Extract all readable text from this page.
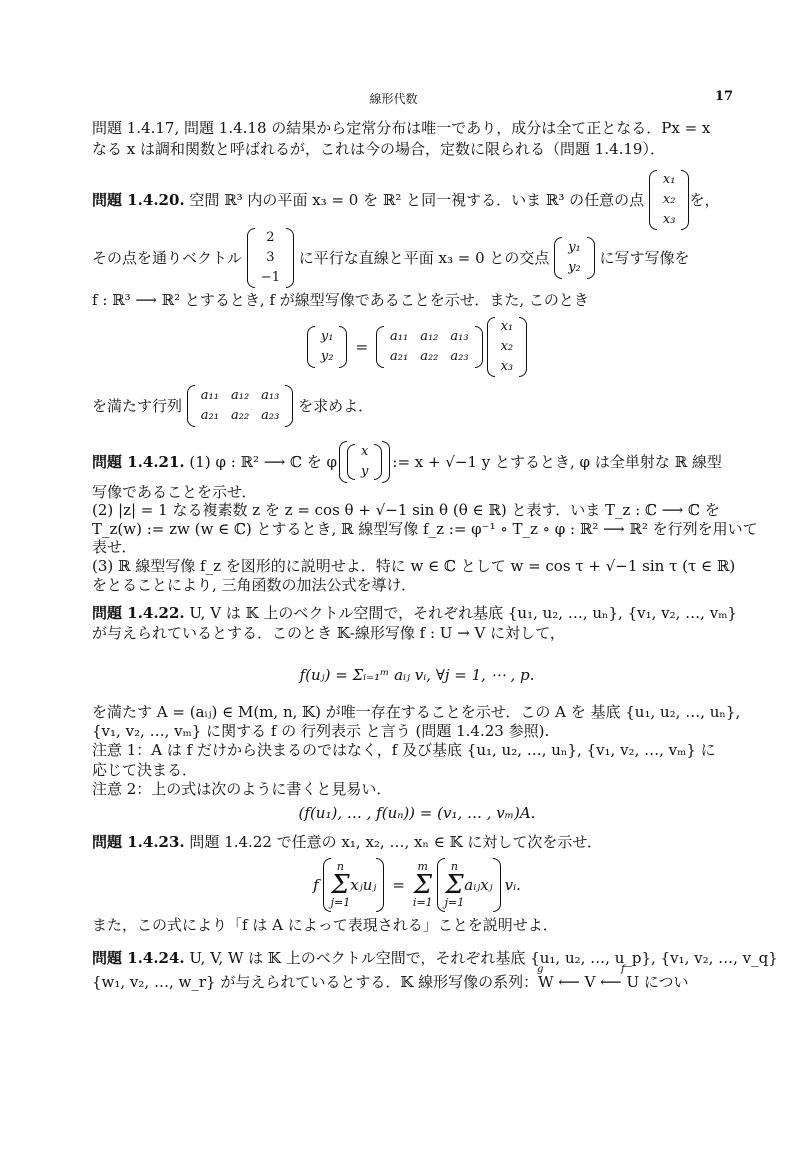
線形代数	17
問題 1.4.17, 問題 1.4.18 の結果から定常分布は唯一であり，成分は全て正となる．Px = x
なる x は調和関数と呼ばれるが，これは今の場合，定数に限られる（問題 1.4.19）．
問題 1.4.20.
空間 ℝ³ 内の平面 x₃ = 0 を ℝ² と同一視する．いま ℝ³ の任意の点

x₁
x₂
x₃
を，
その点を通りベクトル

2
3
−1

に平行な直線と平面 x₃ = 0 との交点

y₁
y₂

に写す写像を
f : ℝ³ ⟶ ℝ² とするとき, f が線型写像であることを示せ．また, このとき
y₁
y₂
=
a₁₁	a₁₂	a₁₃
a₂₁	a₂₂	a₂₃
x₁
x₂
x₃
を満たす行列

a₁₁	a₁₂	a₁₃
a₂₁	a₂₂	a₂₃

を求めよ．
問題 1.4.21.
(1) φ : ℝ² ⟶ ℂ を φ
x
y
:= x + √−1 y とするとき, φ は全単射な ℝ 線型
写像であることを示せ．
(2) |z| = 1 なる複素数 z を z = cos θ + √−1 sin θ (θ ∈ ℝ) と表す．いま T_z : ℂ ⟶ ℂ を
T_z(w) := zw (w ∈ ℂ) とするとき, ℝ 線型写像 f_z := φ⁻¹ ∘ T_z ∘ φ : ℝ² ⟶ ℝ² を行列を用いて
表せ．
(3) ℝ 線型写像 f_z を図形的に説明せよ．特に w ∈ ℂ として w = cos τ + √−1 sin τ (τ ∈ ℝ)
をとることにより, 三角函数の加法公式を導け．
問題 1.4.22. U, V は 𝕂 上のベクトル空間で，それぞれ基底 {u₁, u₂, …, uₙ}, {v₁, v₂, …, vₘ}
が与えられているとする．このとき 𝕂-線形写像 f : U → V に対して，
f(uⱼ) = Σᵢ₌₁ᵐ aᵢⱼ vᵢ, ∀j = 1, ⋯ , p.
を満たす A = (aᵢⱼ) ∈ M(m, n, 𝕂) が唯一存在することを示せ．この A を 基底 {u₁, u₂, …, uₙ},
{v₁, v₂, …, vₘ} に関する f の 行列表示 と言う (問題 1.4.23 参照).
注意 1：A は f だけから決まるのではなく，f 及び基底 {u₁, u₂, …, uₙ}, {v₁, v₂, …, vₘ} に
応じて決まる．
注意 2：上の式は次のように書くと見易い．
(f(u₁), … , f(uₙ)) = (v₁, … , vₘ)A.
問題 1.4.23. 問題 1.4.22 で任意の x₁, x₂, …, xₙ ∈ 𝕂 に対して次を示せ．
f
n
Σ
j=1
xⱼuⱼ	=
m
Σ
i=1
n
Σ
j=1
aᵢⱼxⱼ vᵢ.
また，この式により「f は A によって表現される」ことを説明せよ．
問題 1.4.24. U, V, W は 𝕂 上のベクトル空間で，それぞれ基底 {u₁, u₂, …, u_p}, {v₁, v₂, …, v_q}
{w₁, v₂, …, w_r} が与えられているとする．𝕂 線形写像の系列：W ⟵ V ⟵ U につい
g	f
